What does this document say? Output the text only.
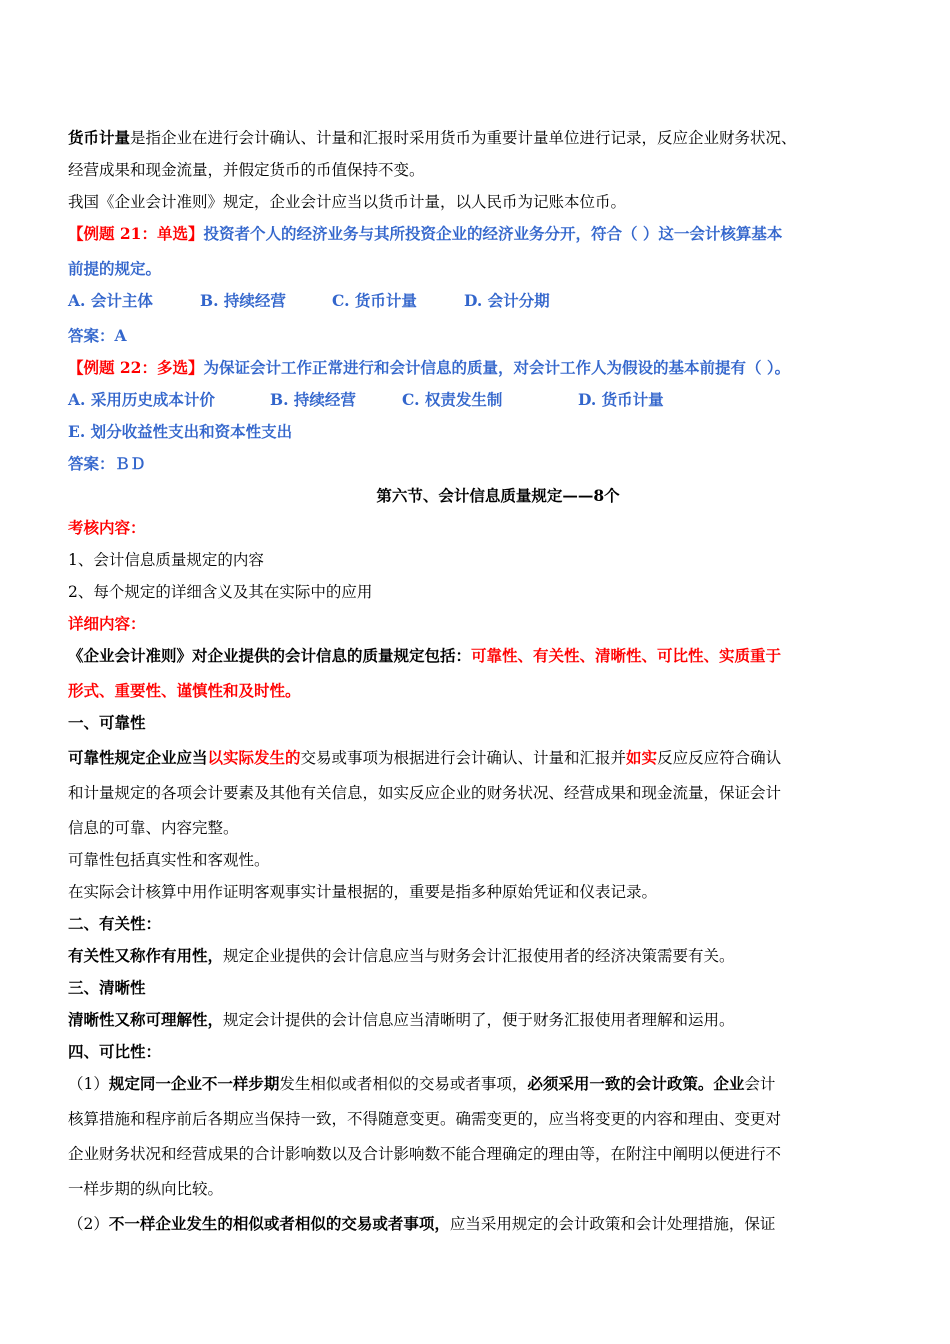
货币计量是指企业在进行会计确认、计量和汇报时采用货币为重要计量单位进行记录，反应企业财务状况、

经营成果和现金流量，并假定货币的币值保持不变。

我国《企业会计准则》规定，企业会计应当以货币计量，以人民币为记账本位币。

【例题 21：单选】投资者个人的经济业务与其所投资企业的经济业务分开，符合（ ）这一会计核算基本

前提的规定。

A. 会计主体	B. 持续经营	C. 货币计量	D. 会计分期

答案：A

【例题 22：多选】为保证会计工作正常进行和会计信息的质量，对会计工作人为假设的基本前提有（ ）。

A. 采用历史成本计价	B. 持续经营	C. 权责发生制	D. 货币计量

E. 划分收益性支出和资本性支出

答案：ＢＤ

第六节、会计信息质量规定——8个

考核内容：

1、会计信息质量规定的内容

2、每个规定的详细含义及其在实际中的应用

详细内容：

《企业会计准则》对企业提供的会计信息的质量规定包括：可靠性、有关性、清晰性、可比性、实质重于

形式、重要性、谨慎性和及时性。

一、可靠性

可靠性规定企业应当以实际发生的交易或事项为根据进行会计确认、计量和汇报并如实反应反应符合确认

和计量规定的各项会计要素及其他有关信息，如实反应企业的财务状况、经营成果和现金流量，保证会计

信息的可靠、内容完整。

可靠性包括真实性和客观性。

在实际会计核算中用作证明客观事实计量根据的，重要是指多种原始凭证和仪表记录。

二、有关性：

有关性又称作有用性，规定企业提供的会计信息应当与财务会计汇报使用者的经济决策需要有关。

三、清晰性

清晰性又称可理解性，规定会计提供的会计信息应当清晰明了，便于财务汇报使用者理解和运用。

四、可比性：

（1）规定同一企业不一样步期发生相似或者相似的交易或者事项，必须采用一致的会计政策。企业会计

核算措施和程序前后各期应当保持一致，不得随意变更。确需变更的，应当将变更的内容和理由、变更对

企业财务状况和经营成果的合计影响数以及合计影响数不能合理确定的理由等，在附注中阐明以便进行不

一样步期的纵向比较。

（2）不一样企业发生的相似或者相似的交易或者事项，应当采用规定的会计政策和会计处理措施，保证
